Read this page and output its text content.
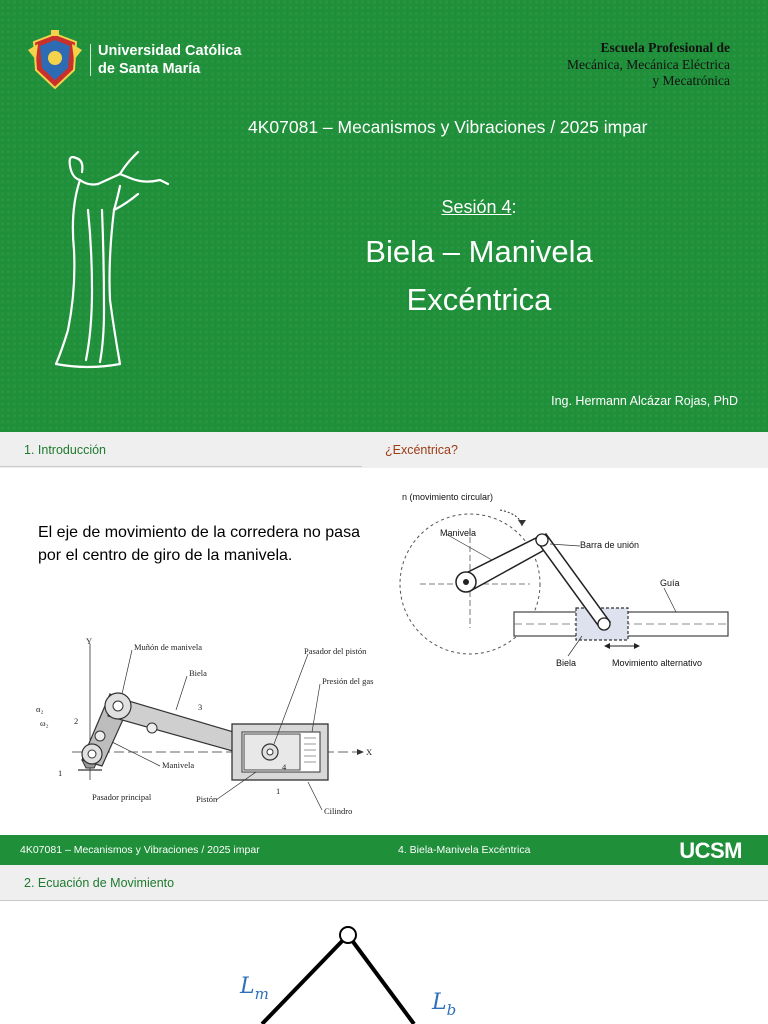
Universidad Católica
de Santa María
Escuela Profesional de
Mecánica, Mecánica Eléctrica
y Mecatrónica
4K07081 – Mecanismos y Vibraciones / 2025 impar
Sesión 4:
Biela – Manivela
Excéntrica
Ing. Hermann Alcázar Rojas, PhD
1. Introducción	¿Excéntrica?
El eje de movimiento de la corredera no pasa por el centro de giro de la manivela.
n (movimiento circular)
Manivela
Barra de unión
Guía
Biela	Movimiento alternativo
Y
X
Muñón de manivela
Biela
Pasador del pistón
Presión del gas
Manivela
Pasador principal	Pistón
Cilindro
1
2
3
4
1
α₂
ω₂
4K07081 – Mecanismos y Vibraciones / 2025 impar	4. Biela-Manivela Excéntrica	UCSM
2. Ecuación de Movimiento
$L_m$	$L_b$
